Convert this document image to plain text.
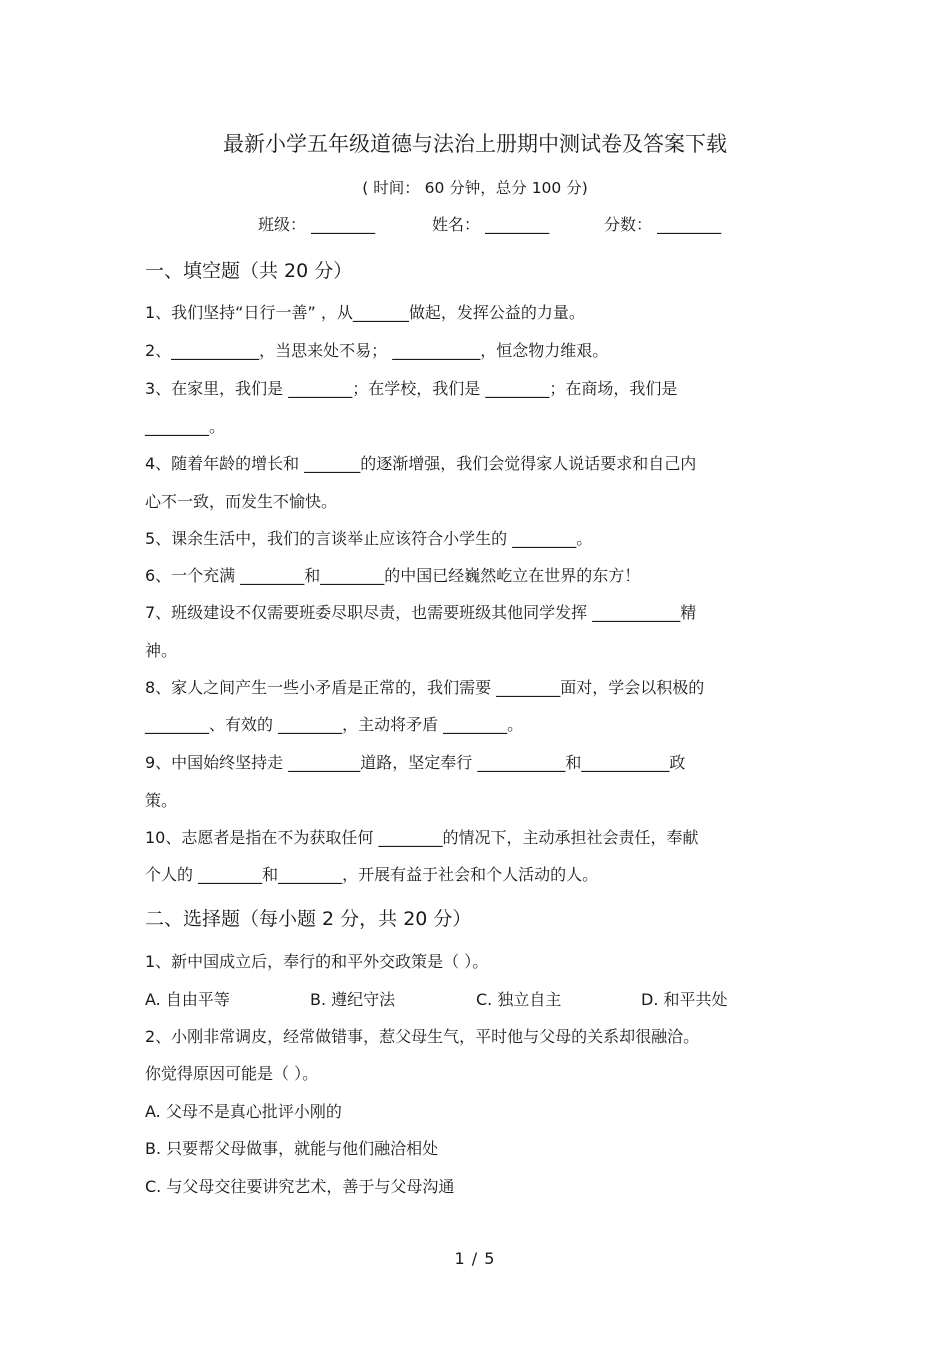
最新小学五年级道德与法治上册期中测试卷及答案下载
( 时间： 60 分钟，总分 100 分)
班级： ________	姓名： ________	分数： ________
一、填空题（共 20 分）
1、我们坚持“日行一善” ，从_______做起，发挥公益的力量。
2、___________，当思来处不易； ___________，恒念物力维艰。
3、在家里，我们是 ________；在学校，我们是 ________；在商场，我们是
________。
4、随着年龄的增长和 _______的逐渐增强，我们会觉得家人说话要求和自己内
心不一致，而发生不愉快。
5、课余生活中，我们的言谈举止应该符合小学生的 ________。
6、一个充满 ________和________的中国已经巍然屹立在世界的东方！
7、班级建设不仅需要班委尽职尽责，也需要班级其他同学发挥 ___________精
神。
8、家人之间产生一些小矛盾是正常的，我们需要 ________面对，学会以积极的
________、有效的 ________，主动将矛盾 ________。
9、中国始终坚持走 _________道路，坚定奉行 ___________和___________政
策。
10、志愿者是指在不为获取任何 ________的情况下，主动承担社会责任，奉献
个人的 ________和________，开展有益于社会和个人活动的人。
二、选择题（每小题 2 分，共 20 分）
1、新中国成立后，奉行的和平外交政策是（ ）。
A. 自由平等	B. 遵纪守法	C. 独立自主	D. 和平共处
2、小刚非常调皮，经常做错事，惹父母生气，平时他与父母的关系却很融洽。
你觉得原因可能是（ ）。
A. 父母不是真心批评小刚的
B. 只要帮父母做事，就能与他们融洽相处
C. 与父母交往要讲究艺术，善于与父母沟通
1 / 5
